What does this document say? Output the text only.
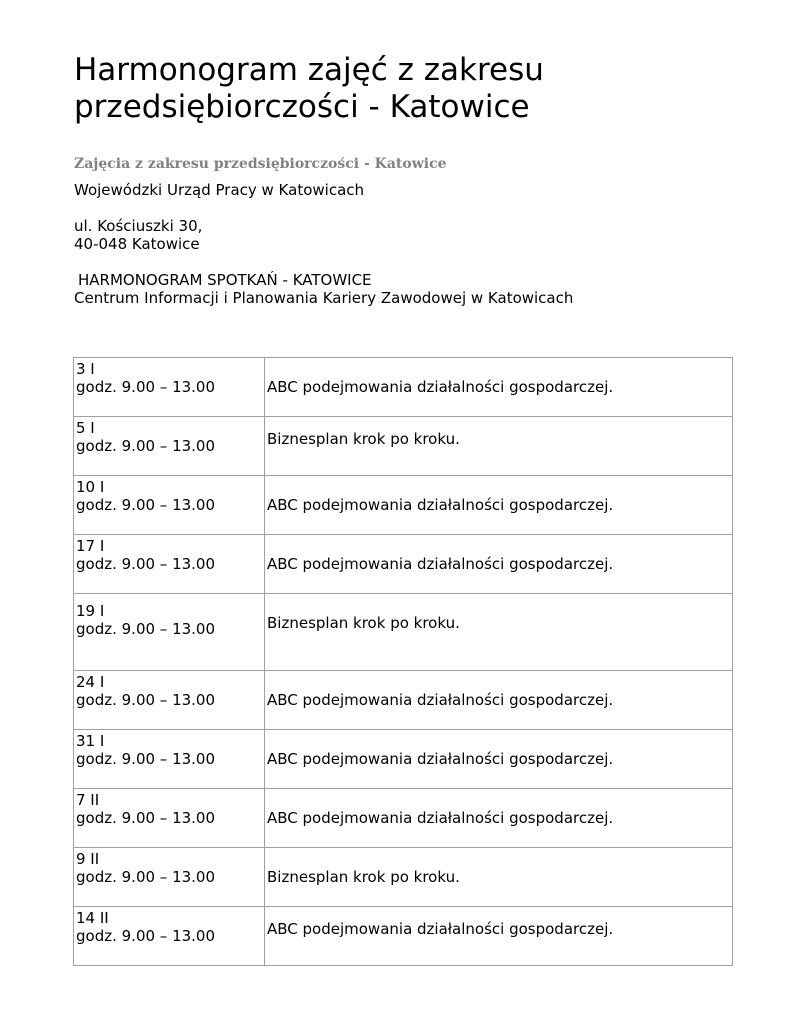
Harmonogram zajęć z zakresu
przedsiębiorczości - Katowice
Zajęcia z zakresu przedsiębiorczości - Katowice
Wojewódzki Urząd Pracy w Katowicach
ul. Kościuszki 30,
40-048 Katowice
HARMONOGRAM SPOTKAŃ - KATOWICE
Centrum Informacji i Planowania Kariery Zawodowej w Katowicach
3 I
godz. 9.00 – 13.00	ABC podejmowania działalności gospodarczej.

5 I
godz. 9.00 – 13.00	Biznesplan krok po kroku.

10 I
godz. 9.00 – 13.00	ABC podejmowania działalności gospodarczej.

17 I
godz. 9.00 – 13.00	ABC podejmowania działalności gospodarczej.

19 I
godz. 9.00 – 13.00	Biznesplan krok po kroku.

24 I
godz. 9.00 – 13.00	ABC podejmowania działalności gospodarczej.

31 I
godz. 9.00 – 13.00	ABC podejmowania działalności gospodarczej.

7 II
godz. 9.00 – 13.00	ABC podejmowania działalności gospodarczej.

9 II
godz. 9.00 – 13.00	Biznesplan krok po kroku.

14 II
godz. 9.00 – 13.00	ABC podejmowania działalności gospodarczej.
